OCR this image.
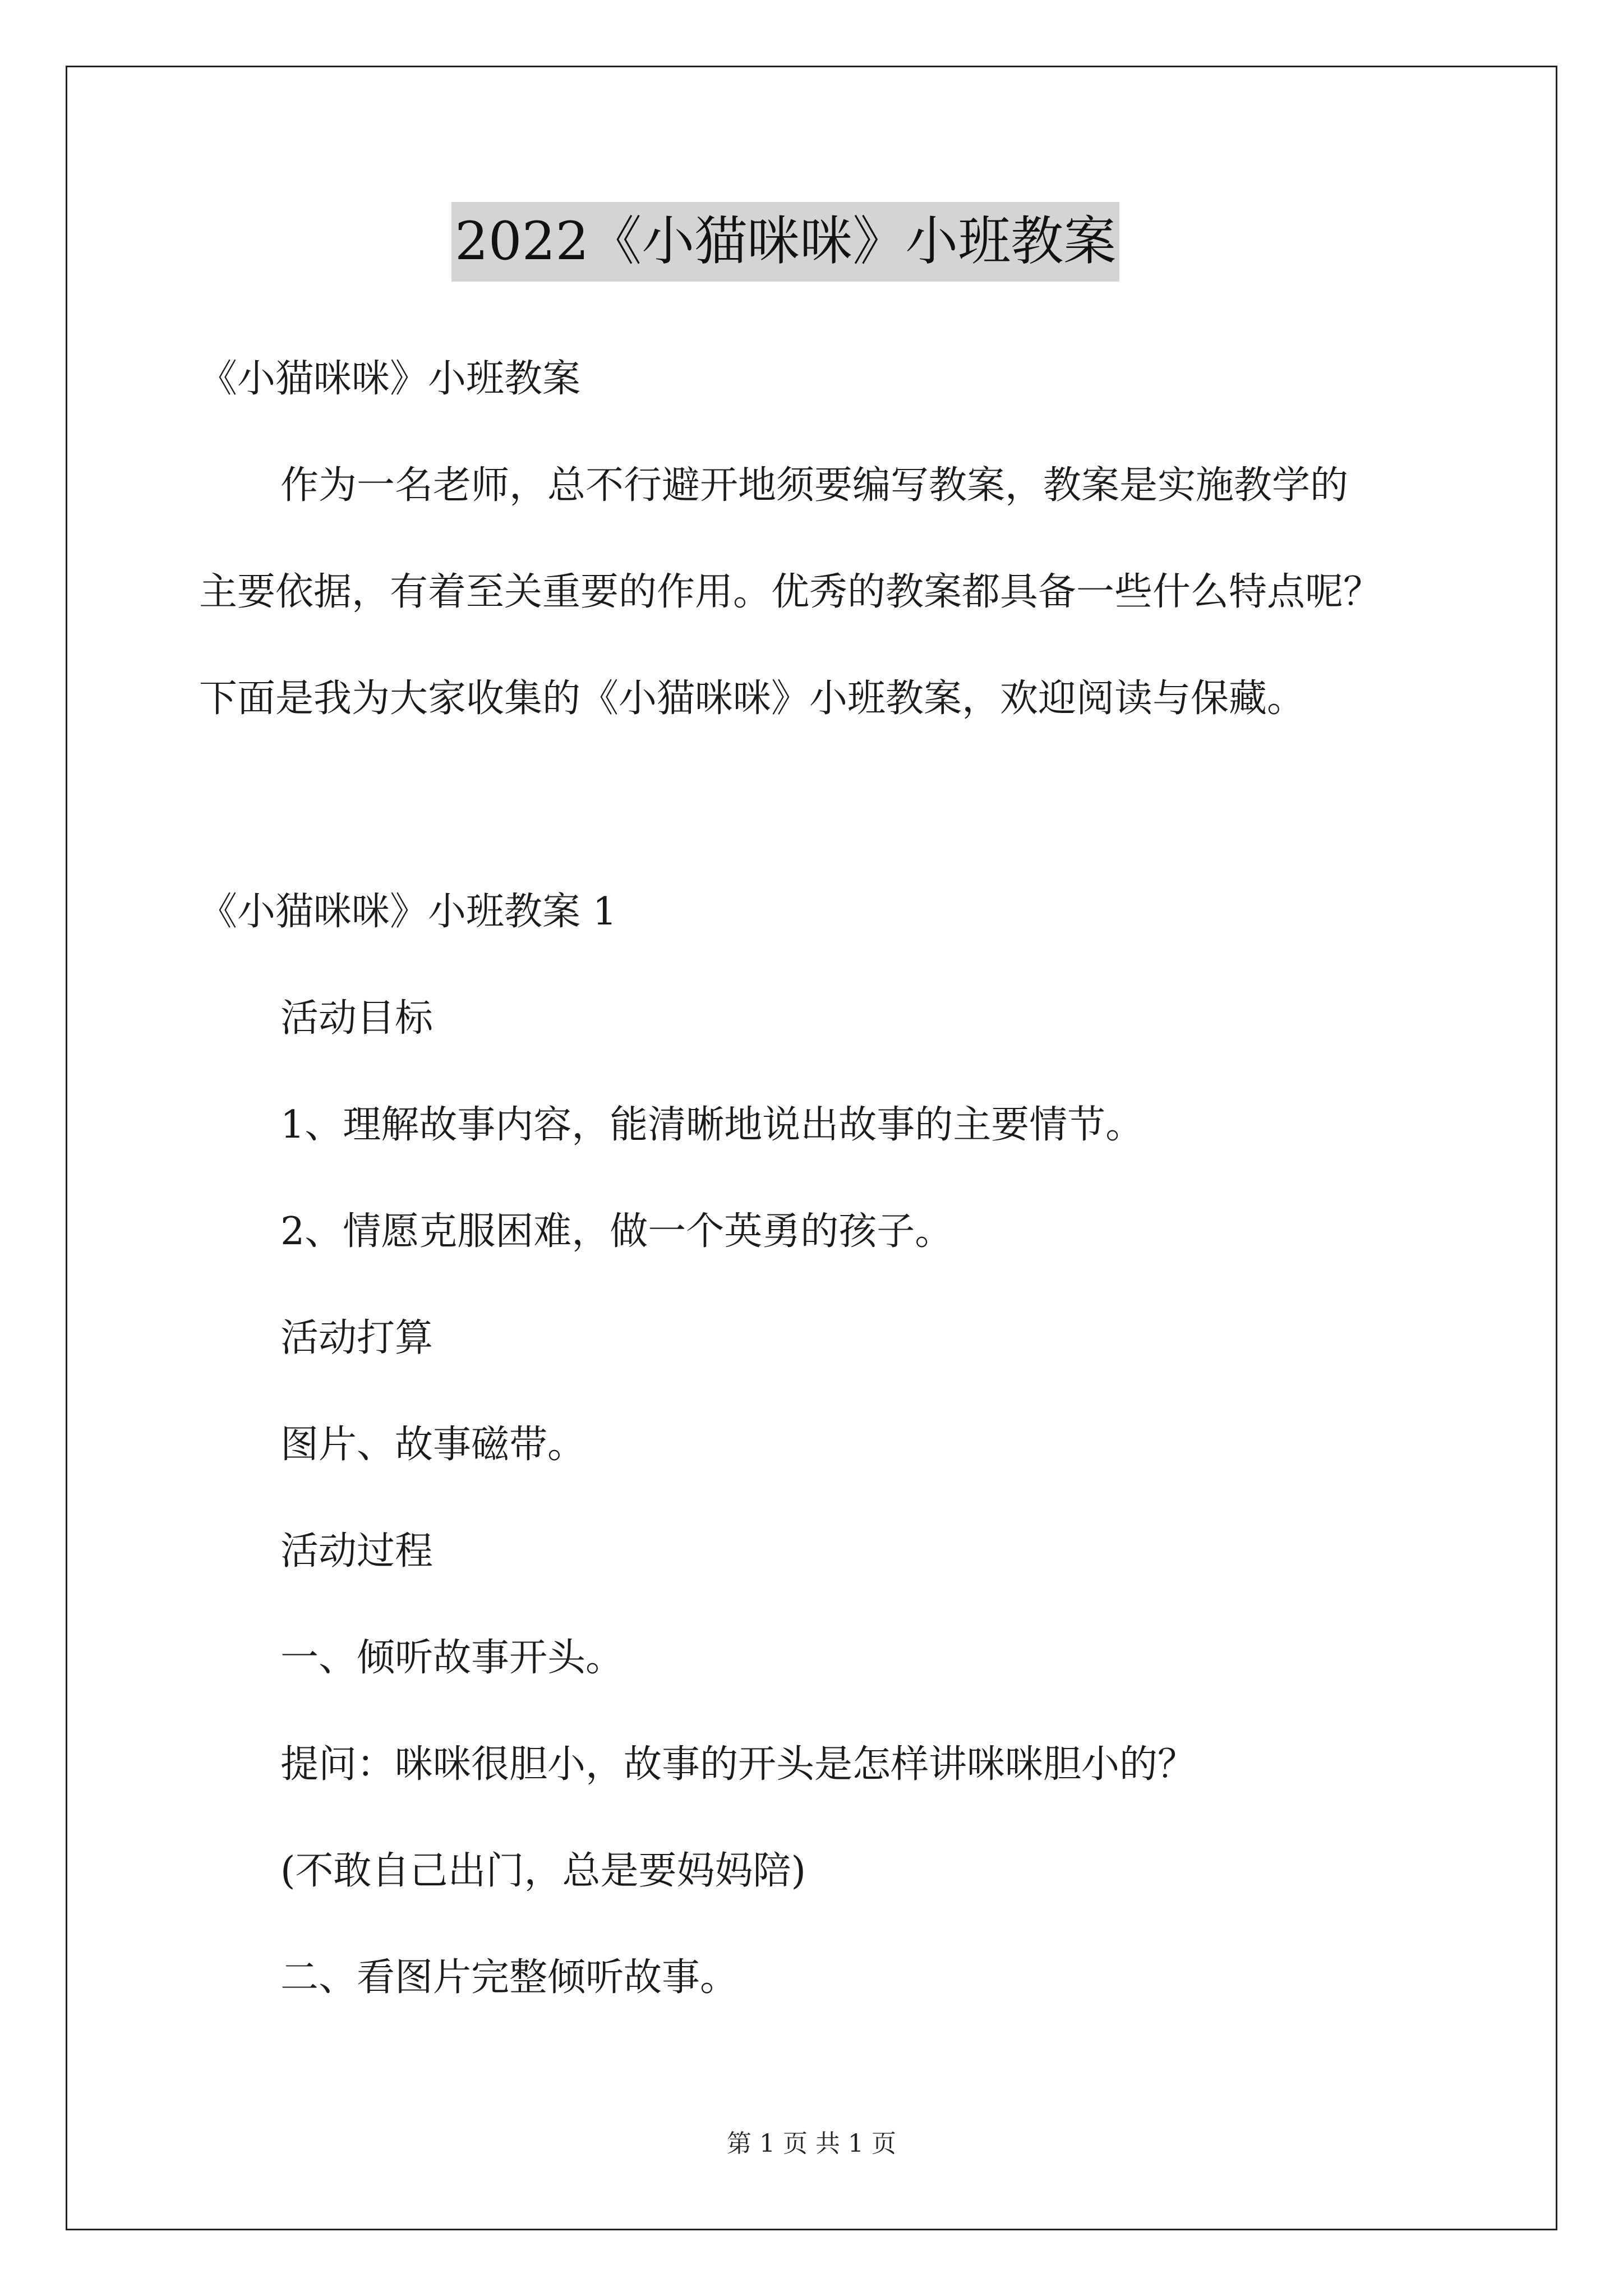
2022《小猫咪咪》小班教案
《小猫咪咪》小班教案
作为一名老师，总不行避开地须要编写教案，教案是实施教学的
主要依据，有着至关重要的作用。优秀的教案都具备一些什么特点呢？
下面是我为大家收集的《小猫咪咪》小班教案，欢迎阅读与保藏。
《小猫咪咪》小班教案 1
活动目标
1、理解故事内容，能清晰地说出故事的主要情节。
2、情愿克服困难，做一个英勇的孩子。
活动打算
图片、故事磁带。
活动过程
一、倾听故事开头。
提问：咪咪很胆小，故事的开头是怎样讲咪咪胆小的？
(不敢自己出门，总是要妈妈陪)
二、看图片完整倾听故事。
第 1 页 共 1 页
